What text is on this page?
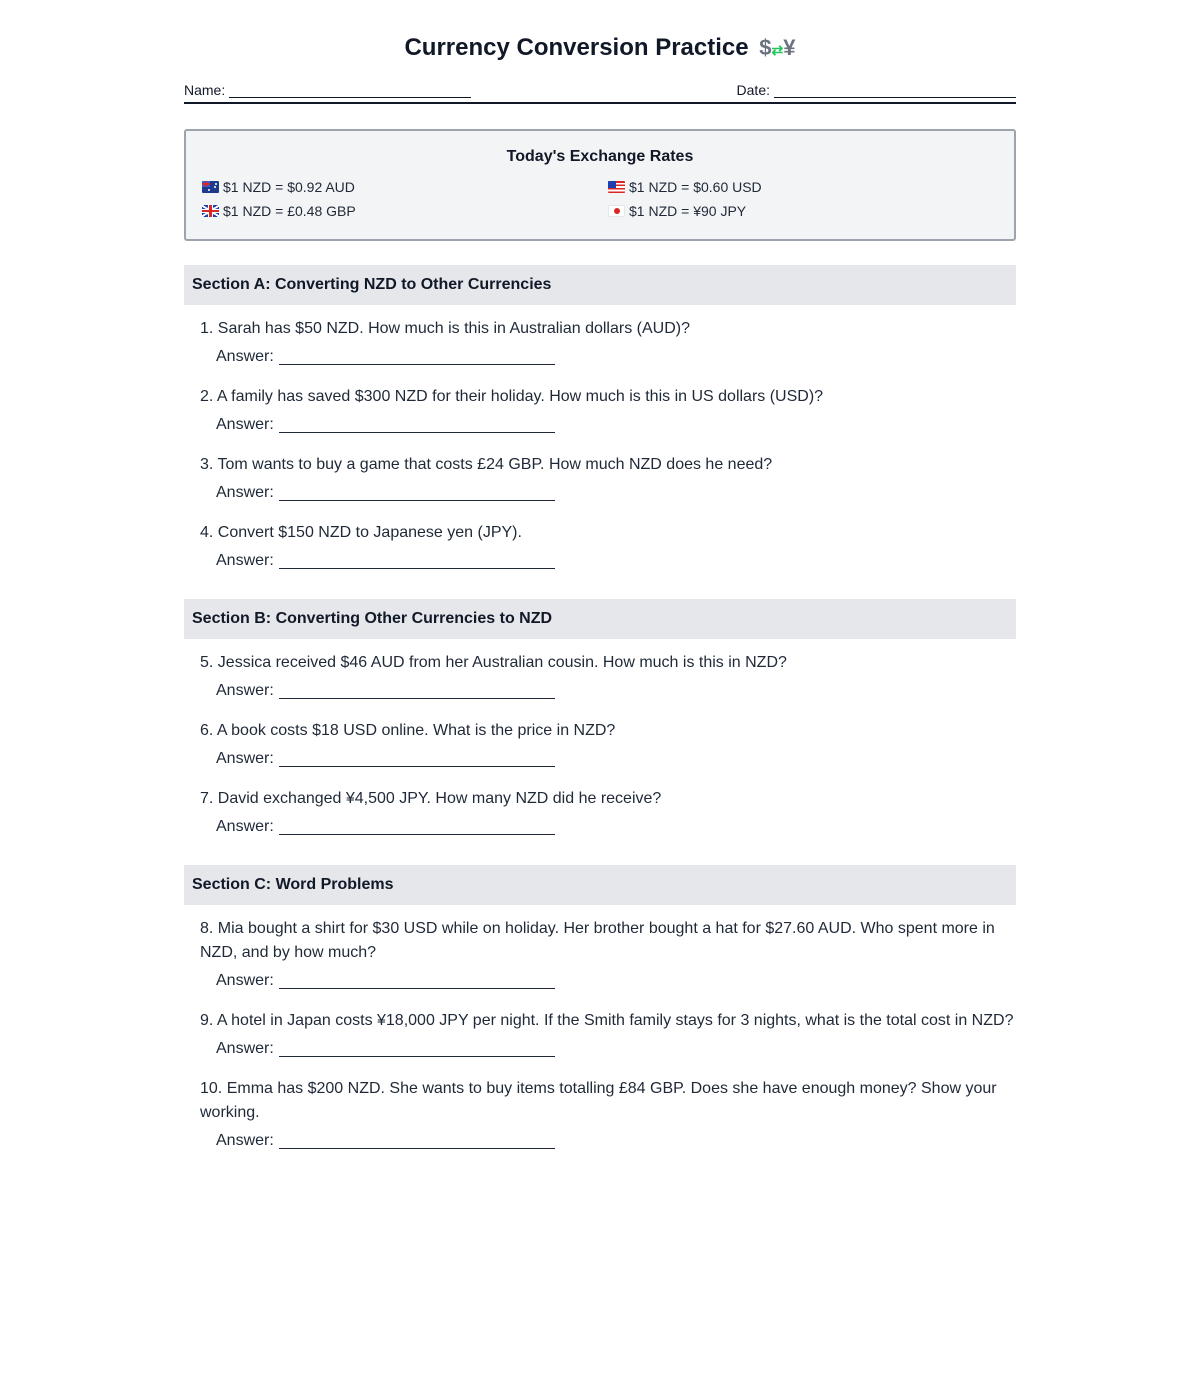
Currency Conversion Practice $⇄¥
Name:	Date:
Today's Exchange Rates
$1 NZD = $0.92 AUD	$1 NZD = $0.60 USD
$1 NZD = £0.48 GBP	$1 NZD = ¥90 JPY
Section A: Converting NZD to Other Currencies
1. Sarah has $50 NZD. How much is this in Australian dollars (AUD)?
Answer:
2. A family has saved $300 NZD for their holiday. How much is this in US dollars (USD)?
Answer:
3. Tom wants to buy a game that costs £24 GBP. How much NZD does he need?
Answer:
4. Convert $150 NZD to Japanese yen (JPY).
Answer:
Section B: Converting Other Currencies to NZD
5. Jessica received $46 AUD from her Australian cousin. How much is this in NZD?
Answer:
6. A book costs $18 USD online. What is the price in NZD?
Answer:
7. David exchanged ¥4,500 JPY. How many NZD did he receive?
Answer:
Section C: Word Problems
8. Mia bought a shirt for $30 USD while on holiday. Her brother bought a hat for $27.60 AUD. Who spent more in NZD, and by how much?
Answer:
9. A hotel in Japan costs ¥18,000 JPY per night. If the Smith family stays for 3 nights, what is the total cost in NZD?
Answer:
10. Emma has $200 NZD. She wants to buy items totalling £84 GBP. Does she have enough money? Show your working.
Answer:
